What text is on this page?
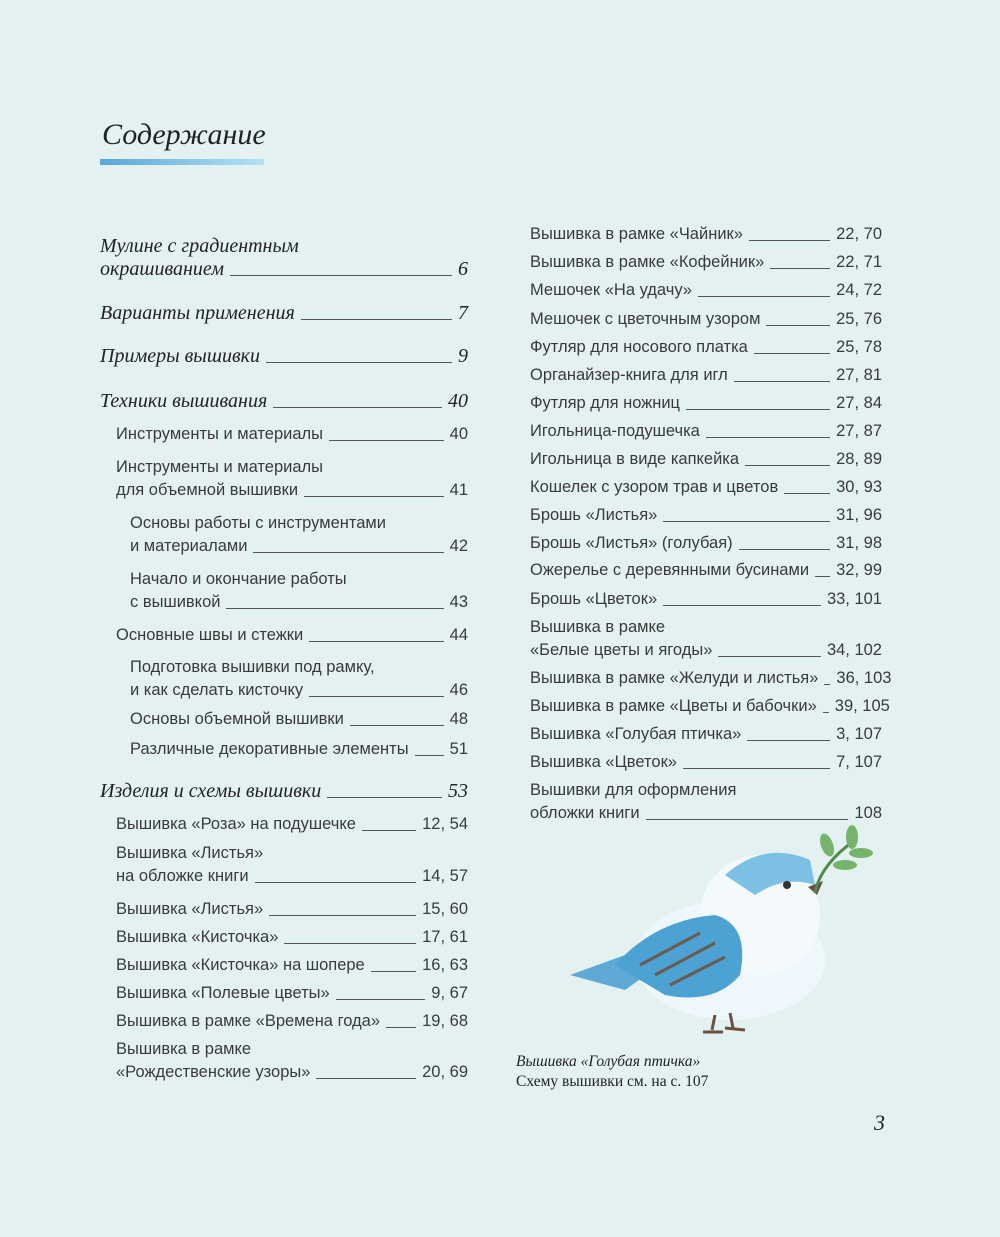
Содержание
Мулине с градиентным
окрашиванием	6
Варианты применения	7
Примеры вышивки	9
Техники вышивания	40
Инструменты и материалы	40
Инструменты и материалы
для объемной вышивки	41
Основы работы с инструментами
и материалами	42
Начало и окончание работы
с вышивкой	43
Основные швы и стежки	44
Подготовка вышивки под рамку,
и как сделать кисточку	46
Основы объемной вышивки	48
Различные декоративные элементы 51
Изделия и схемы вышивки	53
Вышивка «Роза» на подушечке	12, 54
Вышивка «Листья»
на обложке книги	14, 57
Вышивка «Листья»	15, 60
Вышивка «Кисточка»	17, 61
Вышивка «Кисточка» на шопере	16, 63
Вышивка «Полевые цветы»	9, 67
Вышивка в рамке «Времена года»	19, 68
Вышивка в рамке
«Рождественские узоры»	20, 69
Вышивка в рамке «Чайник»	22, 70
Вышивка в рамке «Кофейник»	22, 71
Мешочек «На удачу»	24, 72
Мешочек с цветочным узором	25, 76
Футляр для носового платка	25, 78
Органайзер-книга для игл	27, 81
Футляр для ножниц	27, 84
Игольница-подушечка	27, 87
Игольница в виде капкейка	28, 89
Кошелек с узором трав и цветов	30, 93
Брошь «Листья»	31, 96
Брошь «Листья» (голубая)	31, 98
Ожерелье с деревянными бусинами 32, 99
Брошь «Цветок»	33, 101
Вышивка в рамке
«Белые цветы и ягоды»	34, 102
Вышивка в рамке «Желуди и листья» 36, 103
Вышивка в рамке «Цветы и бабочки» 39, 105
Вышивка «Голубая птичка»	3, 107
Вышивка «Цветок»	7, 107
Вышивки для оформления
обложки книги	108
Вышивка «Голубая птичка»
Схему вышивки см. на с. 107
3
